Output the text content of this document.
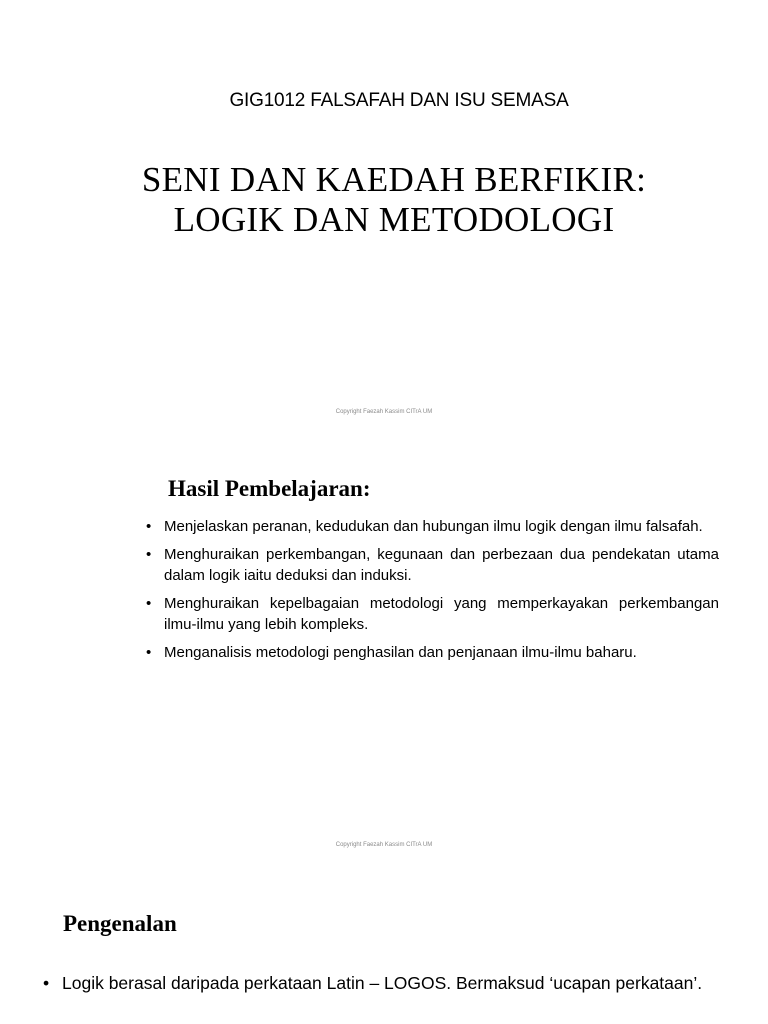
GIG1012 FALSAFAH DAN ISU SEMASA
SENI DAN KAEDAH BERFIKIR:
LOGIK DAN METODOLOGI
Copyright Faezah Kassim CITrA UM
Hasil Pembelajaran:
• Menjelaskan peranan, kedudukan dan hubungan ilmu logik dengan ilmu falsafah.
• Menghuraikan perkembangan, kegunaan dan perbezaan dua pendekatan utama dalam logik iaitu deduksi dan induksi.
• Menghuraikan kepelbagaian metodologi yang memperkayakan perkembangan ilmu-ilmu yang lebih kompleks.
• Menganalisis metodologi penghasilan dan penjanaan ilmu-ilmu baharu.
Copyright Faezah Kassim CITrA UM
Pengenalan
• Logik berasal daripada perkataan Latin – LOGOS. Bermaksud ‘ucapan perkataan’.
